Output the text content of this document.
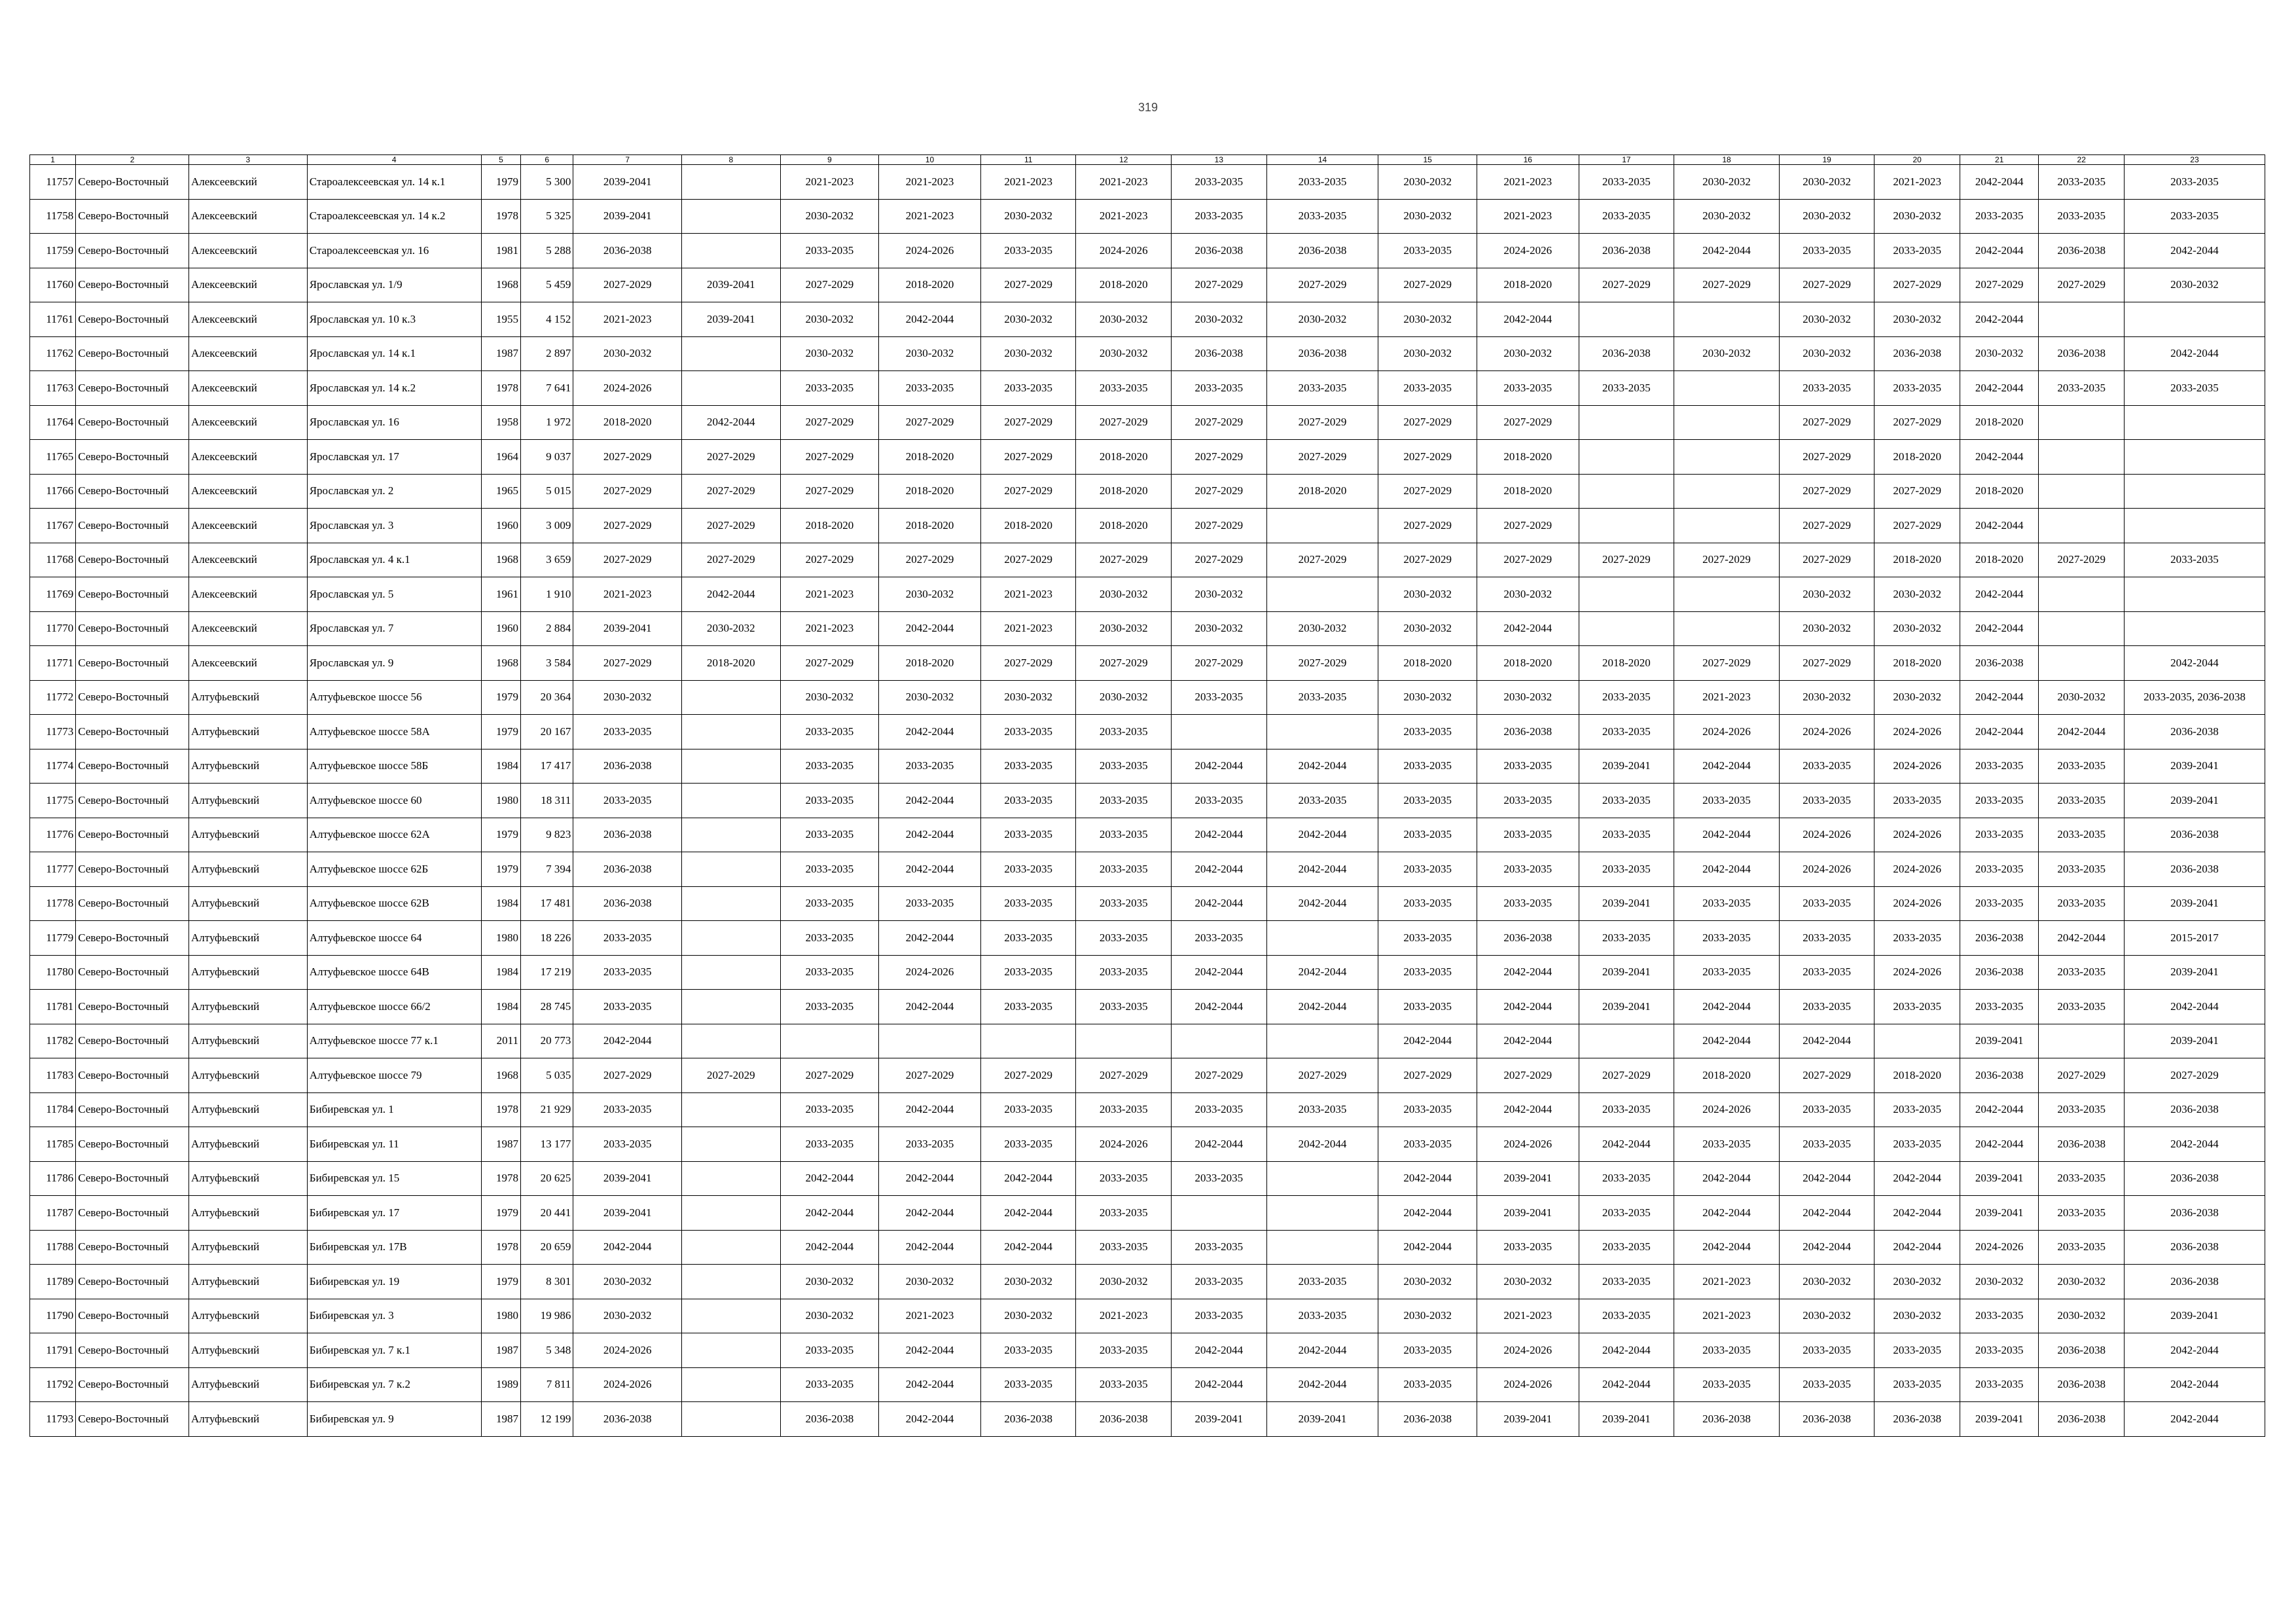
319
1	2	3	4	5	6	7	8	9	10	11	12	13	14	15	16	17	18	19	20	21	22	23
11757	Северо-Восточный	Алексеевский	Староалексеевская ул. 14 к.1	1979	5 300	2039-2041		2021-2023	2021-2023	2021-2023	2021-2023	2033-2035	2033-2035	2030-2032	2021-2023	2033-2035	2030-2032	2030-2032	2021-2023	2042-2044	2033-2035	2033-2035
11758	Северо-Восточный	Алексеевский	Староалексеевская ул. 14 к.2	1978	5 325	2039-2041		2030-2032	2021-2023	2030-2032	2021-2023	2033-2035	2033-2035	2030-2032	2021-2023	2033-2035	2030-2032	2030-2032	2030-2032	2033-2035	2033-2035	2033-2035
11759	Северо-Восточный	Алексеевский	Староалексеевская ул. 16	1981	5 288	2036-2038		2033-2035	2024-2026	2033-2035	2024-2026	2036-2038	2036-2038	2033-2035	2024-2026	2036-2038	2042-2044	2033-2035	2033-2035	2042-2044	2036-2038	2042-2044
11760	Северо-Восточный	Алексеевский	Ярославская ул. 1/9	1968	5 459	2027-2029	2039-2041	2027-2029	2018-2020	2027-2029	2018-2020	2027-2029	2027-2029	2027-2029	2018-2020	2027-2029	2027-2029	2027-2029	2027-2029	2027-2029	2027-2029	2030-2032
11761	Северо-Восточный	Алексеевский	Ярославская ул. 10 к.3	1955	4 152	2021-2023	2039-2041	2030-2032	2042-2044	2030-2032	2030-2032	2030-2032	2030-2032	2030-2032	2042-2044			2030-2032	2030-2032	2042-2044		
11762	Северо-Восточный	Алексеевский	Ярославская ул. 14 к.1	1987	2 897	2030-2032		2030-2032	2030-2032	2030-2032	2030-2032	2036-2038	2036-2038	2030-2032	2030-2032	2036-2038	2030-2032	2030-2032	2036-2038	2030-2032	2036-2038	2042-2044
11763	Северо-Восточный	Алексеевский	Ярославская ул. 14 к.2	1978	7 641	2024-2026		2033-2035	2033-2035	2033-2035	2033-2035	2033-2035	2033-2035	2033-2035	2033-2035	2033-2035		2033-2035	2033-2035	2042-2044	2033-2035	2033-2035
11764	Северо-Восточный	Алексеевский	Ярославская ул. 16	1958	1 972	2018-2020	2042-2044	2027-2029	2027-2029	2027-2029	2027-2029	2027-2029	2027-2029	2027-2029	2027-2029			2027-2029	2027-2029	2018-2020		
11765	Северо-Восточный	Алексеевский	Ярославская ул. 17	1964	9 037	2027-2029	2027-2029	2027-2029	2018-2020	2027-2029	2018-2020	2027-2029	2027-2029	2027-2029	2018-2020			2027-2029	2018-2020	2042-2044		
11766	Северо-Восточный	Алексеевский	Ярославская ул. 2	1965	5 015	2027-2029	2027-2029	2027-2029	2018-2020	2027-2029	2018-2020	2027-2029	2018-2020	2027-2029	2018-2020			2027-2029	2027-2029	2018-2020		
11767	Северо-Восточный	Алексеевский	Ярославская ул. 3	1960	3 009	2027-2029	2027-2029	2018-2020	2018-2020	2018-2020	2018-2020	2027-2029		2027-2029	2027-2029			2027-2029	2027-2029	2042-2044		
11768	Северо-Восточный	Алексеевский	Ярославская ул. 4 к.1	1968	3 659	2027-2029	2027-2029	2027-2029	2027-2029	2027-2029	2027-2029	2027-2029	2027-2029	2027-2029	2027-2029	2027-2029	2027-2029	2027-2029	2018-2020	2018-2020	2027-2029	2033-2035
11769	Северо-Восточный	Алексеевский	Ярославская ул. 5	1961	1 910	2021-2023	2042-2044	2021-2023	2030-2032	2021-2023	2030-2032	2030-2032		2030-2032	2030-2032			2030-2032	2030-2032	2042-2044		
11770	Северо-Восточный	Алексеевский	Ярославская ул. 7	1960	2 884	2039-2041	2030-2032	2021-2023	2042-2044	2021-2023	2030-2032	2030-2032	2030-2032	2030-2032	2042-2044			2030-2032	2030-2032	2042-2044		
11771	Северо-Восточный	Алексеевский	Ярославская ул. 9	1968	3 584	2027-2029	2018-2020	2027-2029	2018-2020	2027-2029	2027-2029	2027-2029	2027-2029	2018-2020	2018-2020	2018-2020	2027-2029	2027-2029	2018-2020	2036-2038		2042-2044
11772	Северо-Восточный	Алтуфьевский	Алтуфьевское шоссе 56	1979	20 364	2030-2032		2030-2032	2030-2032	2030-2032	2030-2032	2033-2035	2033-2035	2030-2032	2030-2032	2033-2035	2021-2023	2030-2032	2030-2032	2042-2044	2030-2032	2033-2035, 2036-2038
11773	Северо-Восточный	Алтуфьевский	Алтуфьевское шоссе 58А	1979	20 167	2033-2035		2033-2035	2042-2044	2033-2035	2033-2035			2033-2035	2036-2038	2033-2035	2024-2026	2024-2026	2024-2026	2042-2044	2042-2044	2036-2038
11774	Северо-Восточный	Алтуфьевский	Алтуфьевское шоссе 58Б	1984	17 417	2036-2038		2033-2035	2033-2035	2033-2035	2033-2035	2042-2044	2042-2044	2033-2035	2033-2035	2039-2041	2042-2044	2033-2035	2024-2026	2033-2035	2033-2035	2039-2041
11775	Северо-Восточный	Алтуфьевский	Алтуфьевское шоссе 60	1980	18 311	2033-2035		2033-2035	2042-2044	2033-2035	2033-2035	2033-2035	2033-2035	2033-2035	2033-2035	2033-2035	2033-2035	2033-2035	2033-2035	2033-2035	2033-2035	2039-2041
11776	Северо-Восточный	Алтуфьевский	Алтуфьевское шоссе 62А	1979	9 823	2036-2038		2033-2035	2042-2044	2033-2035	2033-2035	2042-2044	2042-2044	2033-2035	2033-2035	2033-2035	2042-2044	2024-2026	2024-2026	2033-2035	2033-2035	2036-2038
11777	Северо-Восточный	Алтуфьевский	Алтуфьевское шоссе 62Б	1979	7 394	2036-2038		2033-2035	2042-2044	2033-2035	2033-2035	2042-2044	2042-2044	2033-2035	2033-2035	2033-2035	2042-2044	2024-2026	2024-2026	2033-2035	2033-2035	2036-2038
11778	Северо-Восточный	Алтуфьевский	Алтуфьевское шоссе 62В	1984	17 481	2036-2038		2033-2035	2033-2035	2033-2035	2033-2035	2042-2044	2042-2044	2033-2035	2033-2035	2039-2041	2033-2035	2033-2035	2024-2026	2033-2035	2033-2035	2039-2041
11779	Северо-Восточный	Алтуфьевский	Алтуфьевское шоссе 64	1980	18 226	2033-2035		2033-2035	2042-2044	2033-2035	2033-2035	2033-2035		2033-2035	2036-2038	2033-2035	2033-2035	2033-2035	2033-2035	2036-2038	2042-2044	2015-2017
11780	Северо-Восточный	Алтуфьевский	Алтуфьевское шоссе 64В	1984	17 219	2033-2035		2033-2035	2024-2026	2033-2035	2033-2035	2042-2044	2042-2044	2033-2035	2042-2044	2039-2041	2033-2035	2033-2035	2024-2026	2036-2038	2033-2035	2039-2041
11781	Северо-Восточный	Алтуфьевский	Алтуфьевское шоссе 66/2	1984	28 745	2033-2035		2033-2035	2042-2044	2033-2035	2033-2035	2042-2044	2042-2044	2033-2035	2042-2044	2039-2041	2042-2044	2033-2035	2033-2035	2033-2035	2033-2035	2042-2044
11782	Северо-Восточный	Алтуфьевский	Алтуфьевское шоссе 77 к.1	2011	20 773	2042-2044								2042-2044	2042-2044		2042-2044	2042-2044		2039-2041		2039-2041
11783	Северо-Восточный	Алтуфьевский	Алтуфьевское шоссе 79	1968	5 035	2027-2029	2027-2029	2027-2029	2027-2029	2027-2029	2027-2029	2027-2029	2027-2029	2027-2029	2027-2029	2027-2029	2018-2020	2027-2029	2018-2020	2036-2038	2027-2029	2027-2029
11784	Северо-Восточный	Алтуфьевский	Бибиревская ул. 1	1978	21 929	2033-2035		2033-2035	2042-2044	2033-2035	2033-2035	2033-2035	2033-2035	2033-2035	2042-2044	2033-2035	2024-2026	2033-2035	2033-2035	2042-2044	2033-2035	2036-2038
11785	Северо-Восточный	Алтуфьевский	Бибиревская ул. 11	1987	13 177	2033-2035		2033-2035	2033-2035	2033-2035	2024-2026	2042-2044	2042-2044	2033-2035	2024-2026	2042-2044	2033-2035	2033-2035	2033-2035	2042-2044	2036-2038	2042-2044
11786	Северо-Восточный	Алтуфьевский	Бибиревская ул. 15	1978	20 625	2039-2041		2042-2044	2042-2044	2042-2044	2033-2035	2033-2035		2042-2044	2039-2041	2033-2035	2042-2044	2042-2044	2042-2044	2039-2041	2033-2035	2036-2038
11787	Северо-Восточный	Алтуфьевский	Бибиревская ул. 17	1979	20 441	2039-2041		2042-2044	2042-2044	2042-2044	2033-2035			2042-2044	2039-2041	2033-2035	2042-2044	2042-2044	2042-2044	2039-2041	2033-2035	2036-2038
11788	Северо-Восточный	Алтуфьевский	Бибиревская ул. 17В	1978	20 659	2042-2044		2042-2044	2042-2044	2042-2044	2033-2035	2033-2035		2042-2044	2033-2035	2033-2035	2042-2044	2042-2044	2042-2044	2024-2026	2033-2035	2036-2038
11789	Северо-Восточный	Алтуфьевский	Бибиревская ул. 19	1979	8 301	2030-2032		2030-2032	2030-2032	2030-2032	2030-2032	2033-2035	2033-2035	2030-2032	2030-2032	2033-2035	2021-2023	2030-2032	2030-2032	2030-2032	2030-2032	2036-2038
11790	Северо-Восточный	Алтуфьевский	Бибиревская ул. 3	1980	19 986	2030-2032		2030-2032	2021-2023	2030-2032	2021-2023	2033-2035	2033-2035	2030-2032	2021-2023	2033-2035	2021-2023	2030-2032	2030-2032	2033-2035	2030-2032	2039-2041
11791	Северо-Восточный	Алтуфьевский	Бибиревская ул. 7 к.1	1987	5 348	2024-2026		2033-2035	2042-2044	2033-2035	2033-2035	2042-2044	2042-2044	2033-2035	2024-2026	2042-2044	2033-2035	2033-2035	2033-2035	2033-2035	2036-2038	2042-2044
11792	Северо-Восточный	Алтуфьевский	Бибиревская ул. 7 к.2	1989	7 811	2024-2026		2033-2035	2042-2044	2033-2035	2033-2035	2042-2044	2042-2044	2033-2035	2024-2026	2042-2044	2033-2035	2033-2035	2033-2035	2033-2035	2036-2038	2042-2044
11793	Северо-Восточный	Алтуфьевский	Бибиревская ул. 9	1987	12 199	2036-2038		2036-2038	2042-2044	2036-2038	2036-2038	2039-2041	2039-2041	2036-2038	2039-2041	2039-2041	2036-2038	2036-2038	2036-2038	2039-2041	2036-2038	2042-2044
